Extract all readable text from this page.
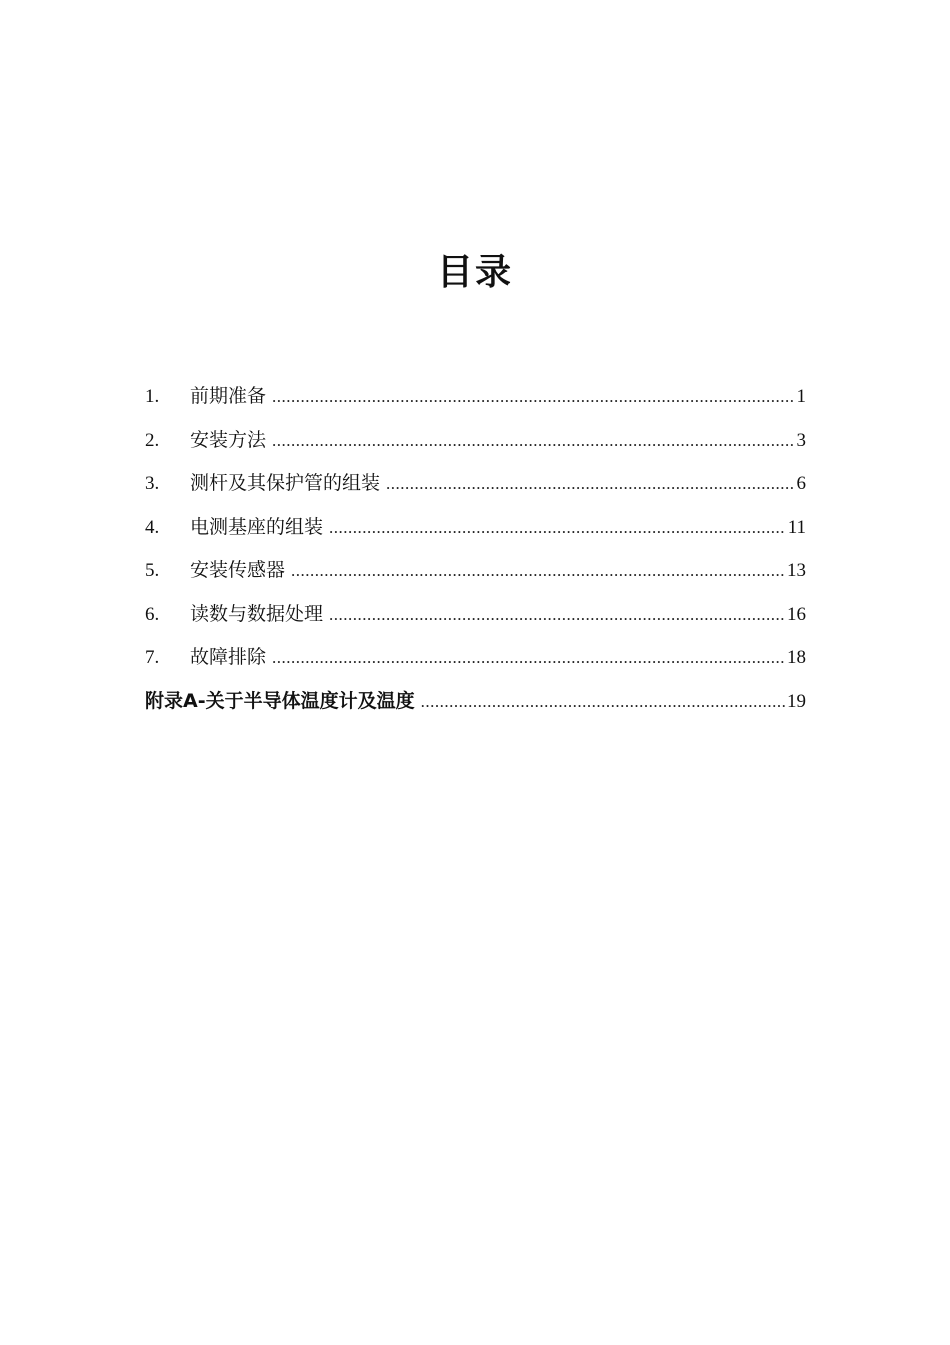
目录
1.	前期准备 .....	1
2.	安装方法 .....	3
3.	测杆及其保护管的组装 .....	6
4.	电测基座的组装 .....	11
5.	安装传感器 .....	13
6.	读数与数据处理 .....	16
7.	故障排除 .....	18
附录A-关于半导体温度计及温度 .....	19
